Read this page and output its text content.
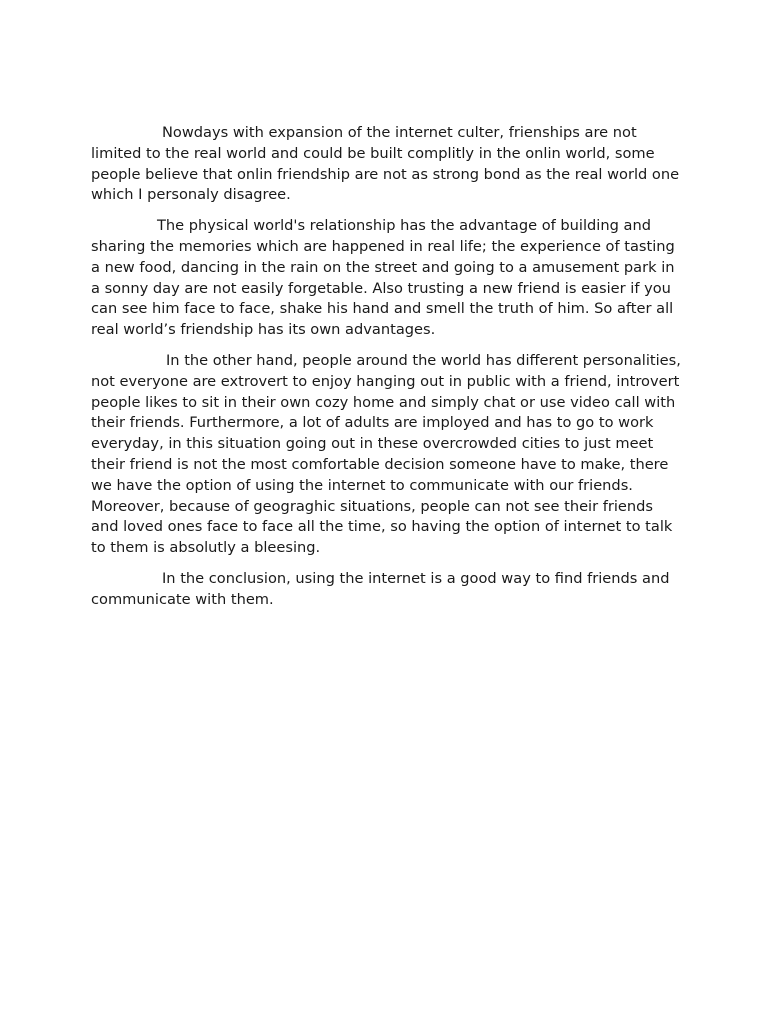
Nowdays with expansion of the internet culter, frienships are not limited to the real world and could be built complitly in the onlin world, some people believe that onlin friendship are not as strong bond as the real world one which I personaly disagree.

The physical world's relationship has the advantage of building and sharing the memories which are happened in real life; the experience of tasting a new food, dancing in the rain on the street and going to a amusement park in a sonny day are not easily forgetable. Also trusting a new friend is easier if you can see him face to face, shake his hand and smell the truth of him. So after all real world’s friendship has its own advantages.

In the other hand, people around the world has different personalities, not everyone are extrovert to enjoy hanging out in public with a friend, introvert people likes to sit in their own cozy home and simply chat or use video call with their friends. Furthermore, a lot of adults are imployed and has to go to work everyday, in this situation going out in these overcrowded cities to just meet their friend is not the most comfortable decision someone have to make, there we have the option of using the internet to communicate with our friends. Moreover, because of geograghic situations, people can not see their friends and loved ones face to face all the time, so having the option of internet to talk to them is absolutly a bleesing.

In the conclusion, using the internet is a good way to find friends and communicate with them.
